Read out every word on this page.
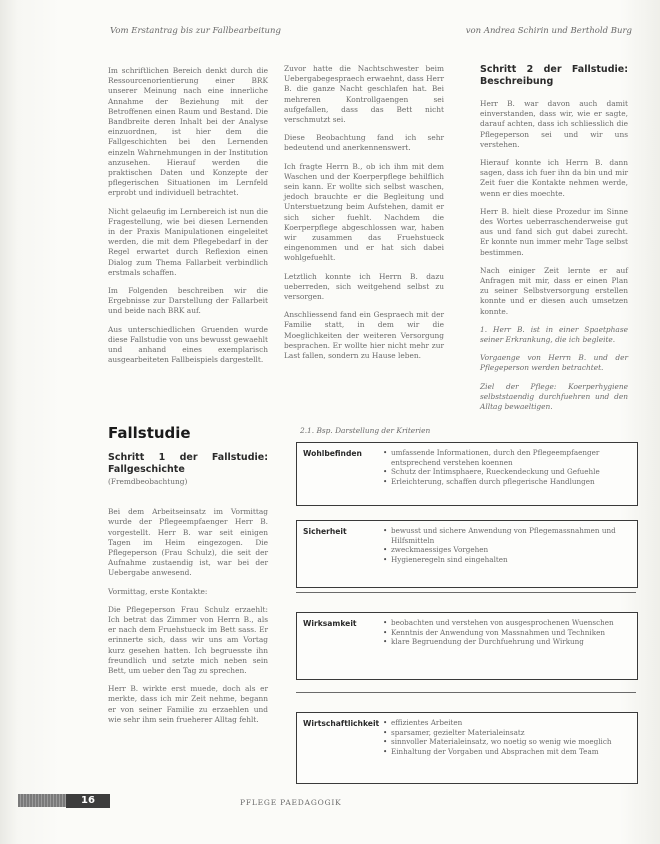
Vom Erstantrag bis zur Fallbearbeitung	von Andrea Schirin und Berthold Burg

Im schriftlichen Bereich denkt durch die Ressourcenorientierung einer BRK unserer Meinung nach eine innerliche Annahme der Beziehung mit der Betroffenen einen Raum und Bestand. Die Bandbreite deren Inhalt bei der Analyse einzuordnen, ist hier dem die Fallgeschichten bei den Lernenden einzeln Wahrnehmungen in der Institution anzusehen. Hierauf werden die praktischen Daten und Konzepte der pflegerischen Situationen im Lernfeld erprobt und individuell betrachtet.

Nicht gelaeufig im Lernbereich ist nun die Fragestellung, wie bei diesen Lernenden in der Praxis Manipulationen eingeleitet werden, die mit dem Pflegebedarf in der Regel erwartet durch Reflexion einen Dialog zum Thema Fallarbeit verbindlich erstmals schaffen.

Im Folgenden beschreiben wir die Ergebnisse zur Darstellung der Fallarbeit und beide nach BRK auf.

Aus unterschiedlichen Gruenden wurde diese Fallstudie von uns bewusst gewaehlt und anhand eines exemplarisch ausgearbeiteten Fallbeispiels dargestellt.

Zuvor hatte die Nachtschwester beim Uebergabegespraech erwaehnt, dass Herr B. die ganze Nacht geschlafen hat. Bei mehreren Kontrollgaengen sei aufgefallen, dass das Bett nicht verschmutzt sei.

Diese Beobachtung fand ich sehr bedeutend und anerkennenswert.

Ich fragte Herrn B., ob ich ihm mit dem Waschen und der Koerperpflege behilflich sein kann. Er wollte sich selbst waschen, jedoch brauchte er die Begleitung und Unterstuetzung beim Aufstehen, damit er sich sicher fuehlt. Nachdem die Koerperpflege abgeschlossen war, haben wir zusammen das Fruehstueck eingenommen und er hat sich dabei wohlgefuehlt.

Letztlich konnte ich Herrn B. dazu ueberreden, sich weitgehend selbst zu versorgen.

Anschliessend fand ein Gespraech mit der Familie statt, in dem wir die Moeglichkeiten der weiteren Versorgung besprachen. Er wollte hier nicht mehr zur Last fallen, sondern zu Hause leben.

Schritt 2 der Fallstudie: Beschreibung

Herr B. war davon auch damit einverstanden, dass wir, wie er sagte, darauf achten, dass ich schliesslich die Pflegeperson sei und wir uns verstehen.

Hierauf konnte ich Herrn B. dann sagen, dass ich fuer ihn da bin und mir Zeit fuer die Kontakte nehmen werde, wenn er dies moechte.

Herr B. hielt diese Prozedur im Sinne des Wortes ueberraschenderweise gut aus und fand sich gut dabei zurecht. Er konnte nun immer mehr Tage selbst bestimmen.

Nach einiger Zeit lernte er auf Anfragen mit mir, dass er einen Plan zu seiner Selbstversorgung erstellen konnte und er diesen auch umsetzen konnte.

1. Herr B. ist in einer Spaetphase seiner Erkrankung, die ich begleite.

Vorgaenge von Herrn B. und der Pflegeperson werden betrachtet.

Ziel der Pflege: Koerperhygiene selbststaendig durchfuehren und den Alltag bewaeltigen.

Fallstudie
Schritt 1 der Fallstudie: Fallgeschichte

(Fremdbeobachtung)

Bei dem Arbeitseinsatz im Vormittag wurde der Pflegeempfaenger Herr B. vorgestellt. Herr B. war seit einigen Tagen im Heim eingezogen. Die Pflegeperson (Frau Schulz), die seit der Aufnahme zustaendig ist, war bei der Uebergabe anwesend.

Vormittag, erste Kontakte:

Die Pflegeperson Frau Schulz erzaehlt: Ich betrat das Zimmer von Herrn B., als er nach dem Fruehstueck im Bett sass. Er erinnerte sich, dass wir uns am Vortag kurz gesehen hatten. Ich begruesste ihn freundlich und setzte mich neben sein Bett, um ueber den Tag zu sprechen.

Herr B. wirkte erst muede, doch als er merkte, dass ich mir Zeit nehme, begann er von seiner Familie zu erzaehlen und wie sehr ihm sein frueherer Alltag fehlt.

2.1. Bsp. Darstellung der Kriterien
Wohlbefinden	• umfassende Informationen, durch den Pflegeempfaenger entsprechend verstehen koennen
• Schutz der Intimsphaere, Rueckendeckung und Gefuehle
• Erleichterung, schaffen durch pflegerische Handlungen
Sicherheit	• bewusst und sichere Anwendung von Pflegemassnahmen und Hilfsmitteln
• zweckmaessiges Vorgehen
• Hygieneregeln sind eingehalten
Wirksamkeit	• beobachten und verstehen von ausgesprochenen Wuenschen
• Kenntnis der Anwendung von Massnahmen und Techniken
• klare Begruendung der Durchfuehrung und Wirkung
Wirtschaftlichkeit	• effizientes Arbeiten
• sparsamer, gezielter Materialeinsatz
• sinnvoller Materialeinsatz, wo noetig so wenig wie moeglich
• Einhaltung der Vorgaben und Absprachen mit dem Team
16	PFLEGE PAEDAGOGIK
